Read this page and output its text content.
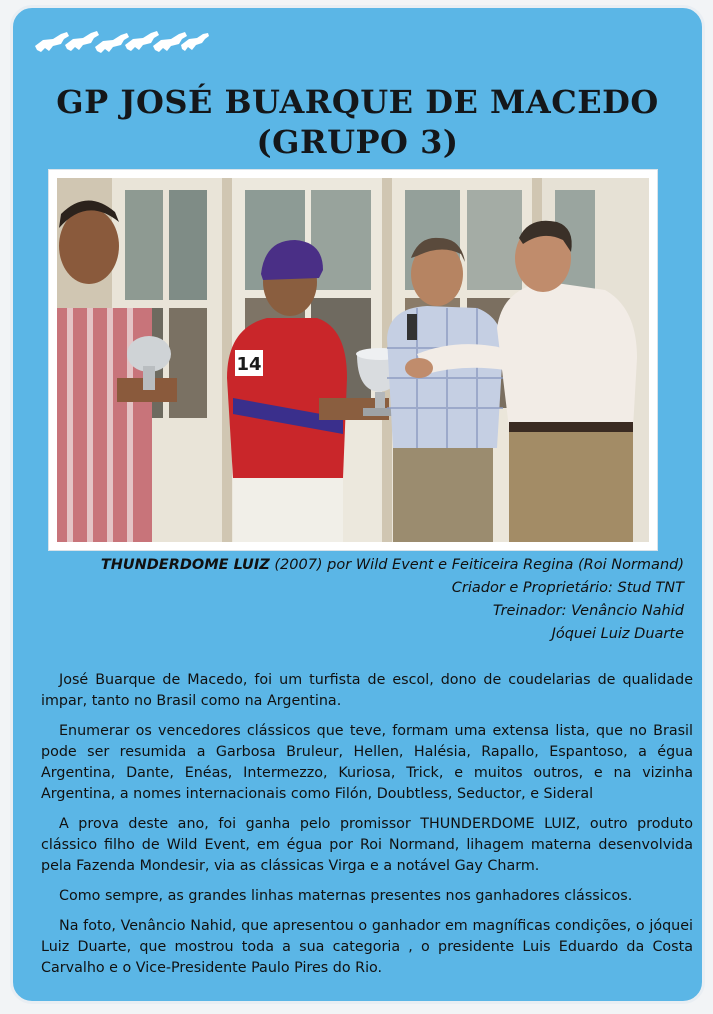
GP JOSÉ BUARQUE DE MACEDO
(GRUPO 3)
14
THUNDERDOME LUIZ (2007) por Wild Event e Feiticeira Regina (Roi Normand)
Criador e Proprietário: Stud TNT
Treinador: Venâncio Nahid
Jóquei Luiz Duarte

José Buarque de Macedo, foi um turfista de escol, dono de coudelarias de qualidade impar, tanto no Brasil como na Argentina.

Enumerar os vencedores clássicos que teve, formam uma extensa lista, que no Brasil pode ser resumida a Garbosa Bruleur, Hellen, Halésia, Rapallo, Espantoso, a égua Argentina, Dante, Enéas, Intermezzo, Kuriosa, Trick, e muitos outros, e na vizinha Argentina, a nomes internacionais como Filón, Doubtless, Seductor, e Sideral

A prova deste ano, foi ganha pelo promissor THUNDERDOME LUIZ, outro produto clássico filho de Wild Event, em égua por Roi Normand, lihagem materna desenvolvida pela Fazenda Mondesir, via as clássicas Virga e a notável Gay Charm.

Como sempre, as grandes linhas maternas presentes nos ganhadores clássicos.

Na foto, Venâncio Nahid, que apresentou o ganhador em magníficas condições, o jóquei Luiz Duarte, que mostrou toda a sua categoria , o presidente Luis Eduardo da Costa Carvalho e o Vice-Presidente Paulo Pires do Rio.
